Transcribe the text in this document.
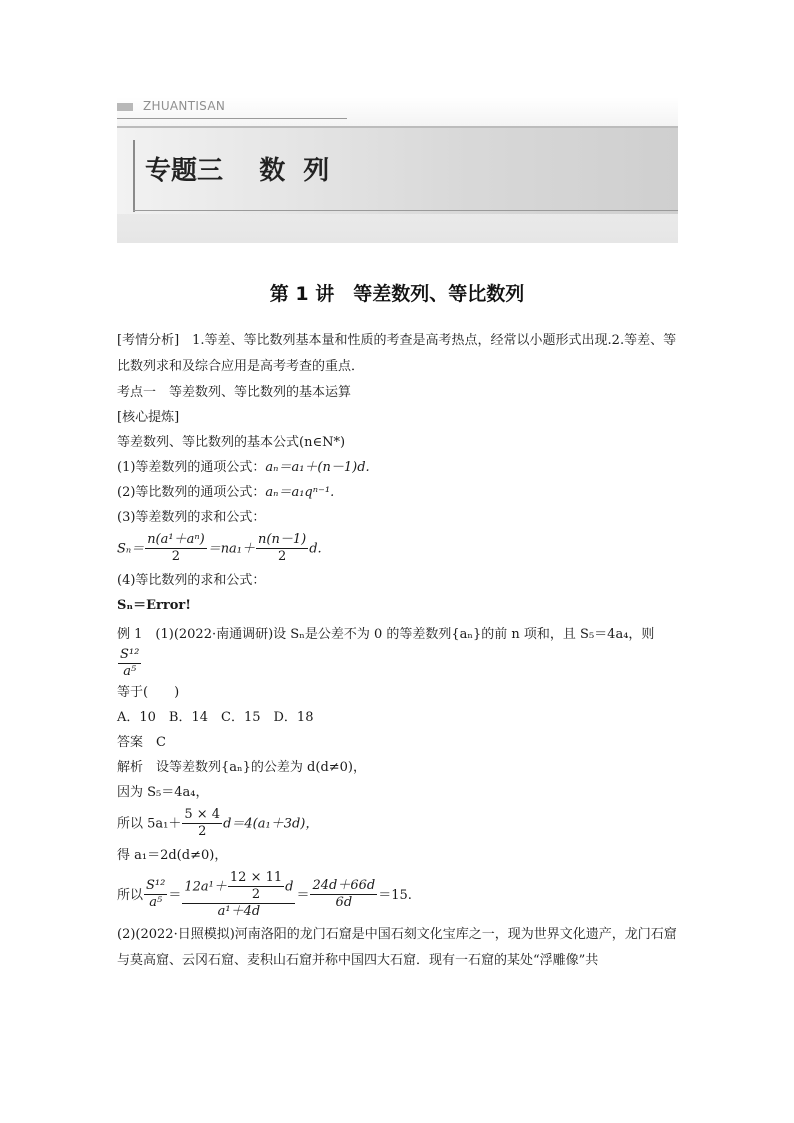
ZHUANTISAN
专题三    数  列
第 1 讲　等差数列、等比数列

[考情分析]　1.等差、等比数列基本量和性质的考查是高考热点，经常以小题形式出现.2.等差、等比数列求和及综合应用是高考考查的重点．

考点一　等差数列、等比数列的基本运算

[核心提炼]

等差数列、等比数列的基本公式(n∈N*)

(1)等差数列的通项公式：aₙ＝a₁＋(n－1)d.

(2)等比数列的通项公式：aₙ＝a₁qⁿ⁻¹.

(3)等差数列的求和公式：

$S_n= \frac{\text{n(a¹＋aⁿ)}}{2} =na_1+ \frac{n(n-1)}{2} d$.

(4)等比数列的求和公式：

Sₙ＝Error!

例 1　(1)(2022·南通调研)设 Sₙ是公差不为 0 的等差数列{aₙ}的前 n 项和，且 S₅＝4a₄，则
$\frac{\text{S¹²}}{\text{a⁵}}$

等于(　　)

A．10　B．14　C．15　D．18

答案　C

解析　设等差数列{aₙ}的公差为 d(d≠0)，

因为 S₅＝4a₄，

所以 $5a_1+ \frac{5 \times 4}{2} d=4(a_1+3d)$，

得 a₁＝2d(d≠0)，

所以 $\frac{\text{S¹²}}{\text{a⁵}} = \frac{12a^1+ \frac{12 \times 11}{2} d}{\text{a¹＋4d}} = \frac{24d+66d}{6d} =15$.

(2)(2022·日照模拟)河南洛阳的龙门石窟是中国石刻文化宝库之一，现为世界文化遗产，龙门石窟与莫高窟、云冈石窟、麦积山石窟并称中国四大石窟．现有一石窟的某处“浮雕像”共
